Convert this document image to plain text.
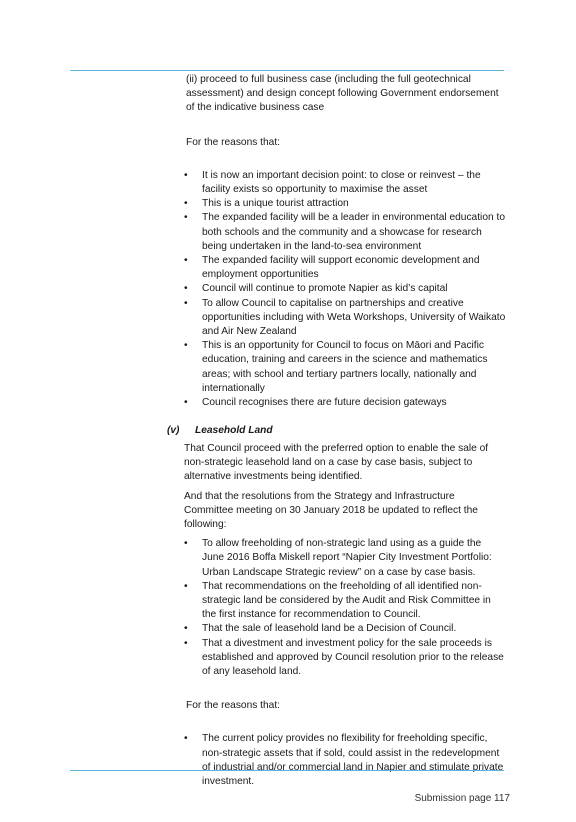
(ii) proceed to full business case (including the full geotechnical assessment) and design concept following Government endorsement of the indicative business case

For the reasons that:

• It is now an important decision point: to close or reinvest – the facility exists so opportunity to maximise the asset
• This is a unique tourist attraction
• The expanded facility will be a leader in environmental education to both schools and the community and a showcase for research being undertaken in the land-to-sea environment
• The expanded facility will support economic development and employment opportunities
• Council will continue to promote Napier as kid’s capital
• To allow Council to capitalise on partnerships and creative opportunities including with Weta Workshops, University of Waikato and Air New Zealand
• This is an opportunity for Council to focus on Māori and Pacific education, training and careers in the science and mathematics areas; with school and tertiary partners locally, nationally and internationally
• Council recognises there are future decision gateways
(v) Leasehold Land

That Council proceed with the preferred option to enable the sale of non-strategic leasehold land on a case by case basis, subject to alternative investments being identified.

And that the resolutions from the Strategy and Infrastructure Committee meeting on 30 January 2018 be updated to reflect the following:

• To allow freeholding of non-strategic land using as a guide the June 2016 Boffa Miskell report “Napier City Investment Portfolio: Urban Landscape Strategic review” on a case by case basis.
• That recommendations on the freeholding of all identified non-strategic land be considered by the Audit and Risk Committee in the first instance for recommendation to Council.
• That the sale of leasehold land be a Decision of Council.
• That a divestment and investment policy for the sale proceeds is established and approved by Council resolution prior to the release of any leasehold land.

For the reasons that:

• The current policy provides no flexibility for freeholding specific, non-strategic assets that if sold, could assist in the redevelopment of industrial and/or commercial land in Napier and stimulate private investment.
Submission page 117
